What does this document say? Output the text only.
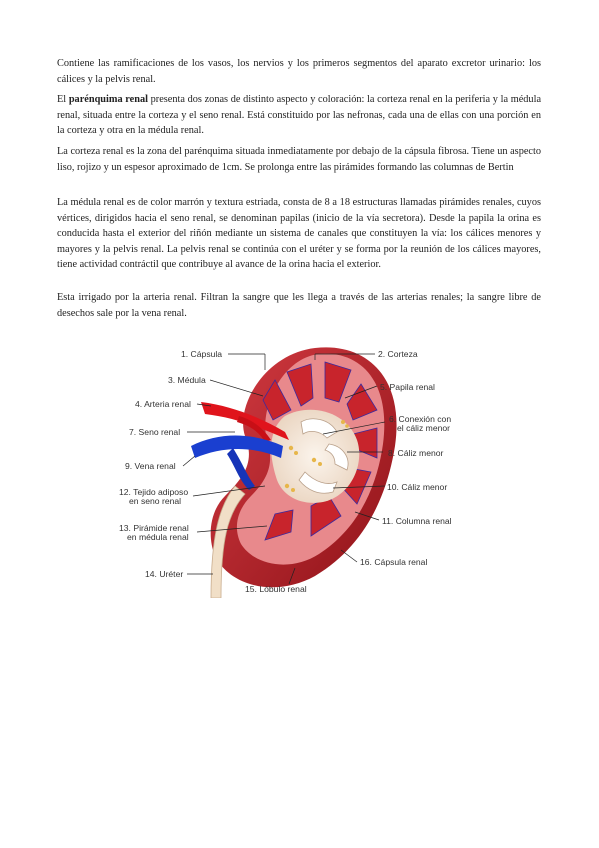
Contiene las ramificaciones de los vasos, los nervios y los primeros segmentos del aparato excretor urinario: los cálices y la pelvis renal.

El parénquima renal presenta dos zonas de distinto aspecto y coloración: la corteza renal en la periferia y la médula renal, situada entre la corteza y el seno renal. Está constituido por las nefronas, cada una de ellas con una porción en la corteza y otra en la médula renal.

La corteza renal es la zona del parénquima situada inmediatamente por debajo de la cápsula fibrosa. Tiene un aspecto liso, rojizo y un espesor aproximado de 1cm. Se prolonga entre las pirámides formando las columnas de Bertin

La médula renal es de color marrón y textura estriada, consta de 8 a 18 estructuras llamadas pirámides renales, cuyos vértices, dirigidos hacia el seno renal, se denominan papilas (inicio de la vía secretora). Desde la papila la orina es conducida hasta el exterior del riñón mediante un sistema de canales que constituyen la vía: los cálices menores y mayores y la pelvis renal. La pelvis renal se continúa con el uréter y se forma por la reunión de los cálices mayores, tiene actividad contráctil que contribuye al avance de la orina hacia el exterior.

Esta irrigado por la arteria renal. Filtran la sangre que les llega a través de las arterias renales; la sangre libre de desechos sale por la vena renal.

1. Cápsula	2. Corteza
3. Médula
4. Arteria renal
5. Papila renal
6. Conexión con
el cáliz menor
7. Seno renal
8. Cáliz menor
9. Vena renal
10. Cáliz menor
12. Tejido adiposo
en seno renal
11. Columna renal
13. Pirámide renal
en médula renal
16. Cápsula renal
14. Uréter
15. Lóbulo renal
